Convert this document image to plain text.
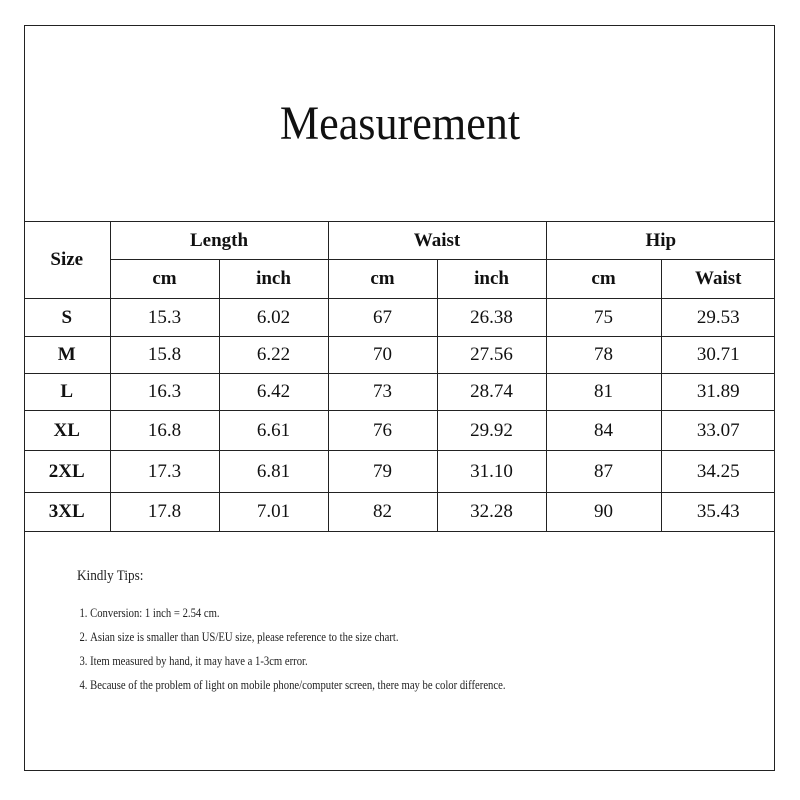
Measurement
Size	Length		Waist		Hip	
	cm	inch	cm	inch	cm	Waist
S	15.3	6.02	67	26.38	75	29.53
M	15.8	6.22	70	27.56	78	30.71
L	16.3	6.42	73	28.74	81	31.89
XL	16.8	6.61	76	29.92	84	33.07
2XL	17.3	6.81	79	31.10	87	34.25
3XL	17.8	7.01	82	32.28	90	35.43
Kindly Tips:
1. Conversion: 1 inch = 2.54 cm.
2. Asian size is smaller than US/EU size, please reference to the size chart.
3. Item measured by hand, it may have a 1-3cm error.
4. Because of the problem of light on mobile phone/computer screen, there may be color difference.
